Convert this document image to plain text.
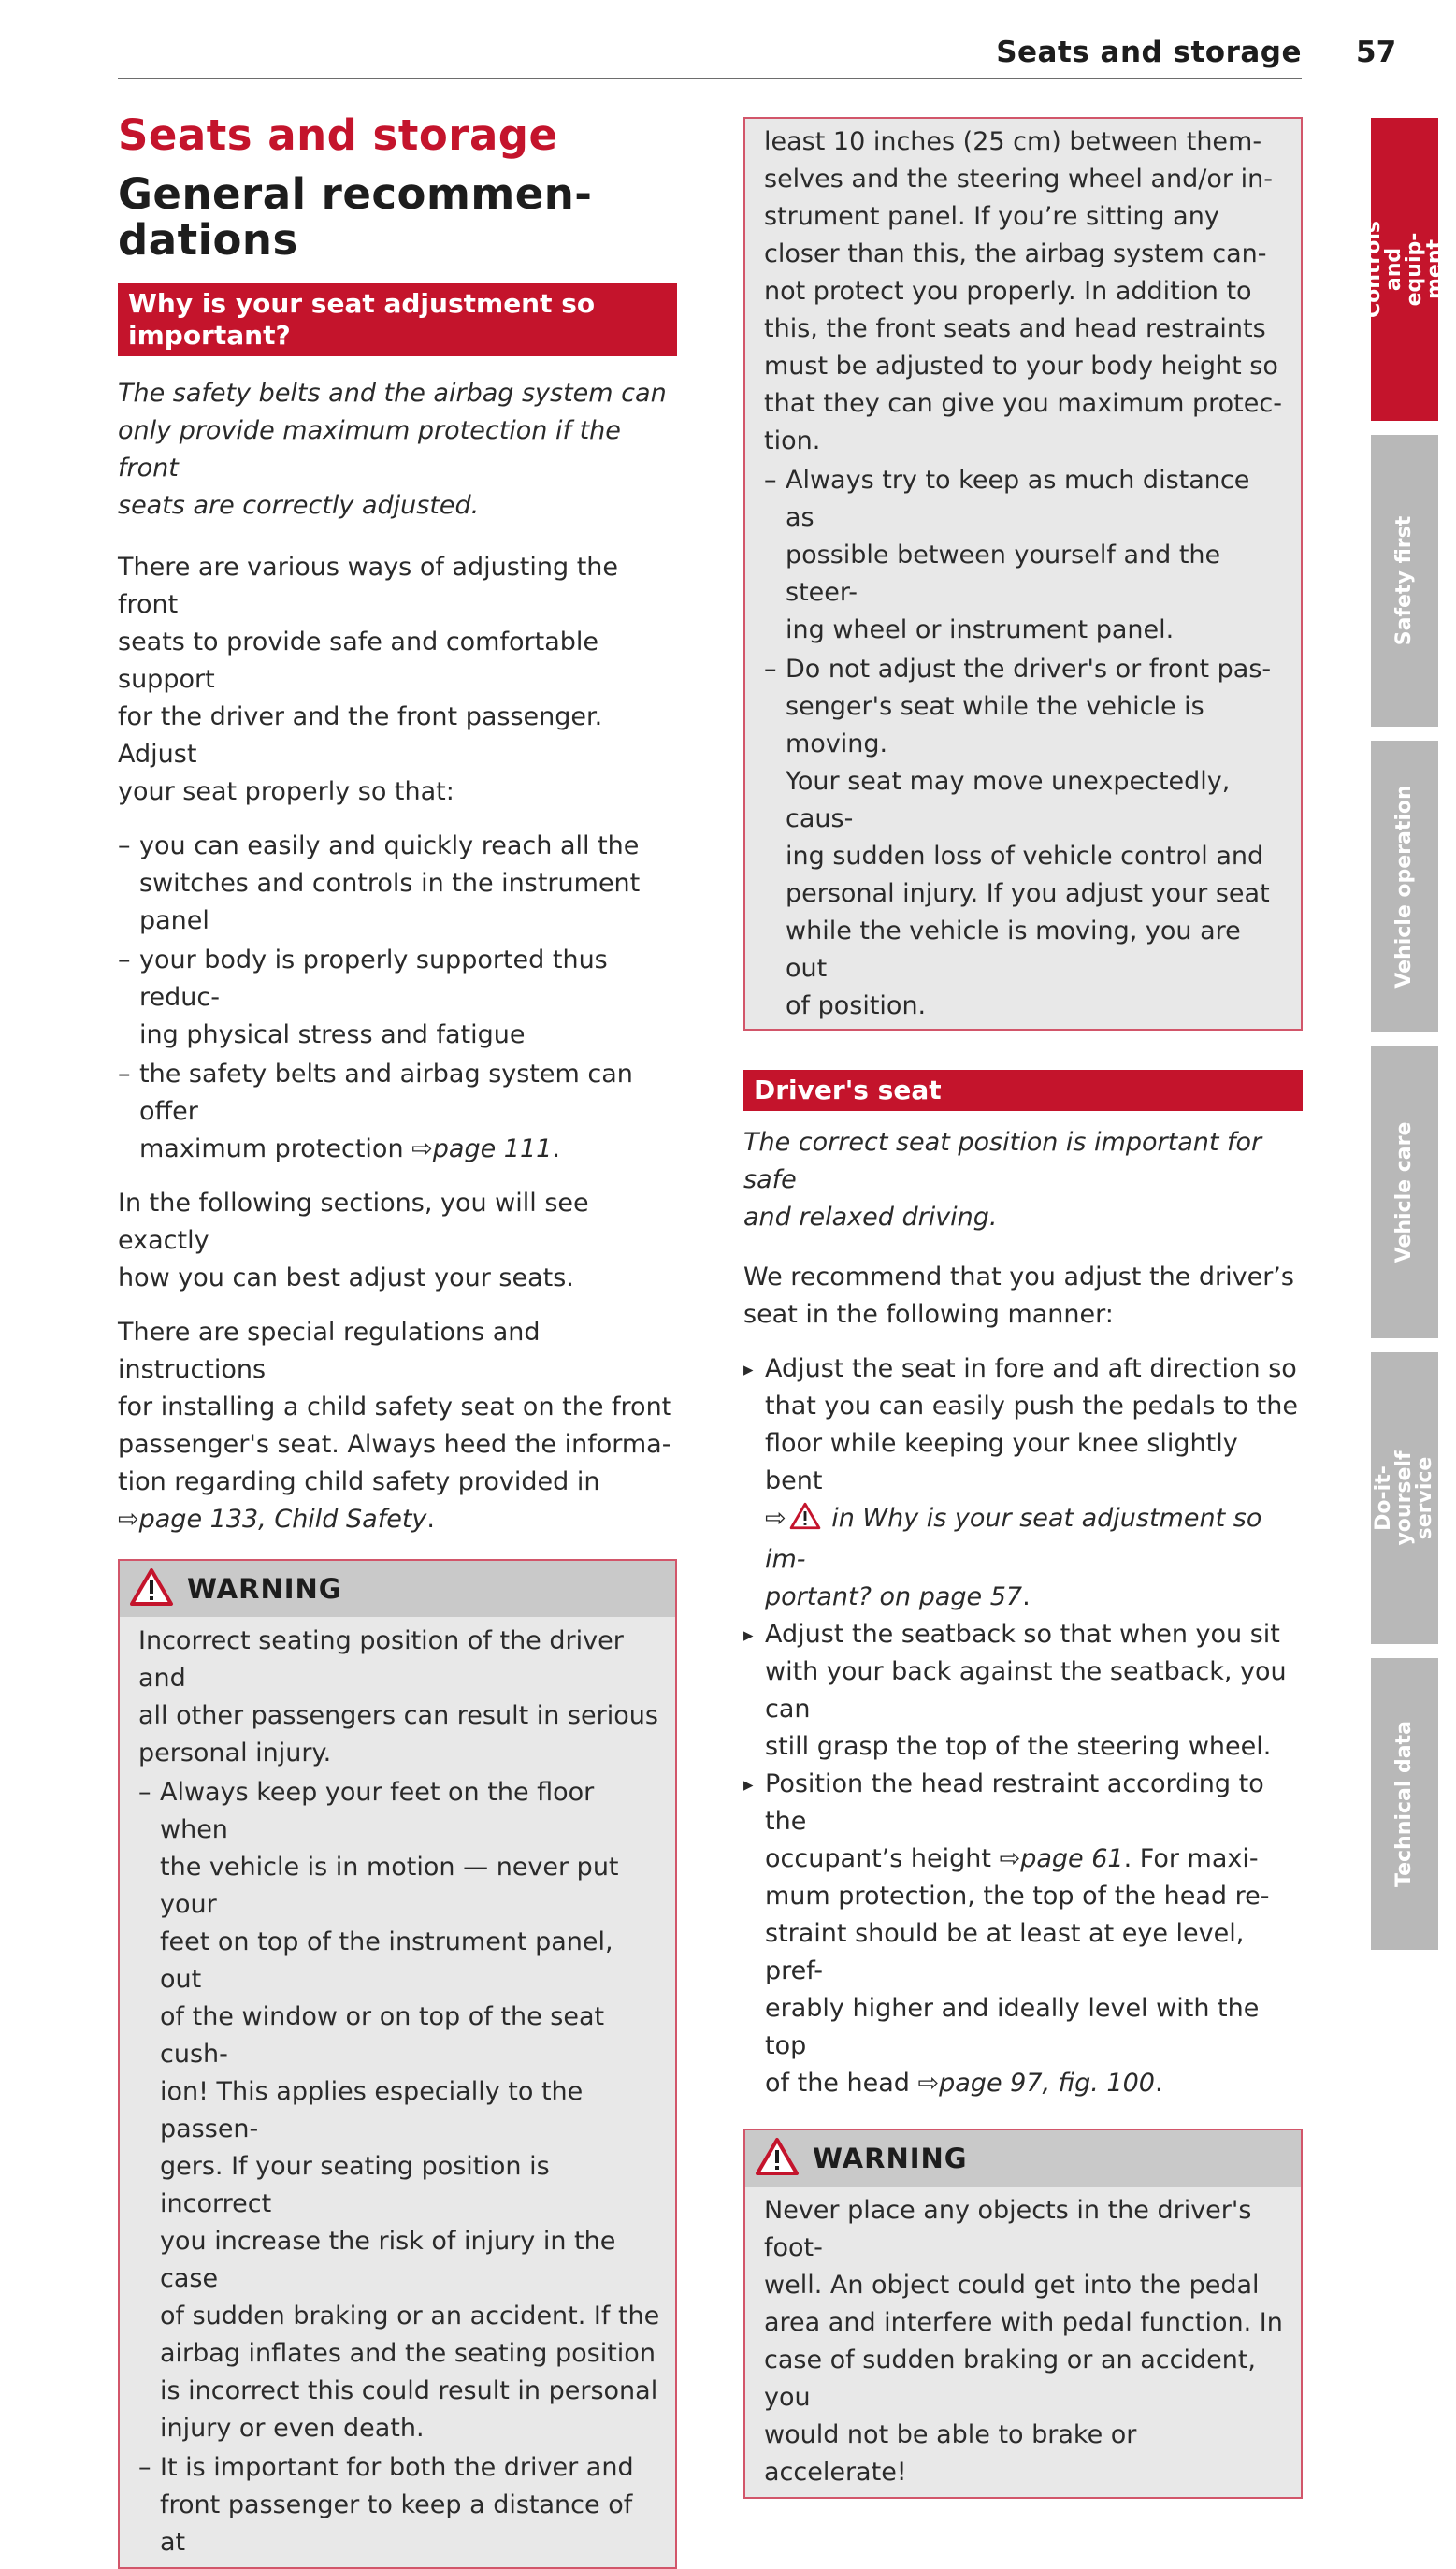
Seats and storage 57
Seats and storage
General recommen-
dations
Why is your seat adjustment so
important?

The safety belts and the airbag system can
only provide maximum protection if the front
seats are correctly adjusted.

There are various ways of adjusting the front
seats to provide safe and comfortable support
for the driver and the front passenger. Adjust
your seat properly so that:

– you can easily and quickly reach all the
switches and controls in the instrument
panel
– your body is properly supported thus reduc-
ing physical stress and fatigue
– the safety belts and airbag system can offer
maximum protection ⇨page 111.

In the following sections, you will see exactly
how you can best adjust your seats.

There are special regulations and instructions
for installing a child safety seat on the front
passenger's seat. Always heed the informa-
tion regarding child safety provided in
⇨page 133, Child Safety.

WARNING

Incorrect seating position of the driver and
all other passengers can result in serious
personal injury.

– Always keep your feet on the floor when
the vehicle is in motion — never put your
feet on top of the instrument panel, out
of the window or on top of the seat cush-
ion! This applies especially to the passen-
gers. If your seating position is incorrect
you increase the risk of injury in the case
of sudden braking or an accident. If the
airbag inflates and the seating position
is incorrect this could result in personal
injury or even death.
– It is important for both the driver and
front passenger to keep a distance of at

least 10 inches (25 cm) between them-
selves and the steering wheel and/or in-
strument panel. If you’re sitting any
closer than this, the airbag system can-
not protect you properly. In addition to
this, the front seats and head restraints
must be adjusted to your body height so
that they can give you maximum protec-
tion.

– Always try to keep as much distance as
possible between yourself and the steer-
ing wheel or instrument panel.
– Do not adjust the driver's or front pas-
senger's seat while the vehicle is moving.
Your seat may move unexpectedly, caus-
ing sudden loss of vehicle control and
personal injury. If you adjust your seat
while the vehicle is moving, you are out
of position.
Driver's seat

The correct seat position is important for safe
and relaxed driving.

We recommend that you adjust the driver’s
seat in the following manner:

▸ Adjust the seat in fore and aft direction so
that you can easily push the pedals to the
floor while keeping your knee slightly bent
⇨ in Why is your seat adjustment so im-
portant? on page 57.
▸ Adjust the seatback so that when you sit
with your back against the seatback, you can
still grasp the top of the steering wheel.
▸ Position the head restraint according to the
occupant’s height ⇨page 61. For maxi-
mum protection, the top of the head re-
straint should be at least at eye level, pref-
erably higher and ideally level with the top
of the head ⇨page 97, fig. 100.
WARNING

Never place any objects in the driver's foot-
well. An object could get into the pedal
area and interfere with pedal function. In
case of sudden braking or an accident, you
would not be able to brake or accelerate!

Controls and equip-
ment
Safety first
Vehicle operation
Vehicle care
Do-it-yourself
service
Technical data
